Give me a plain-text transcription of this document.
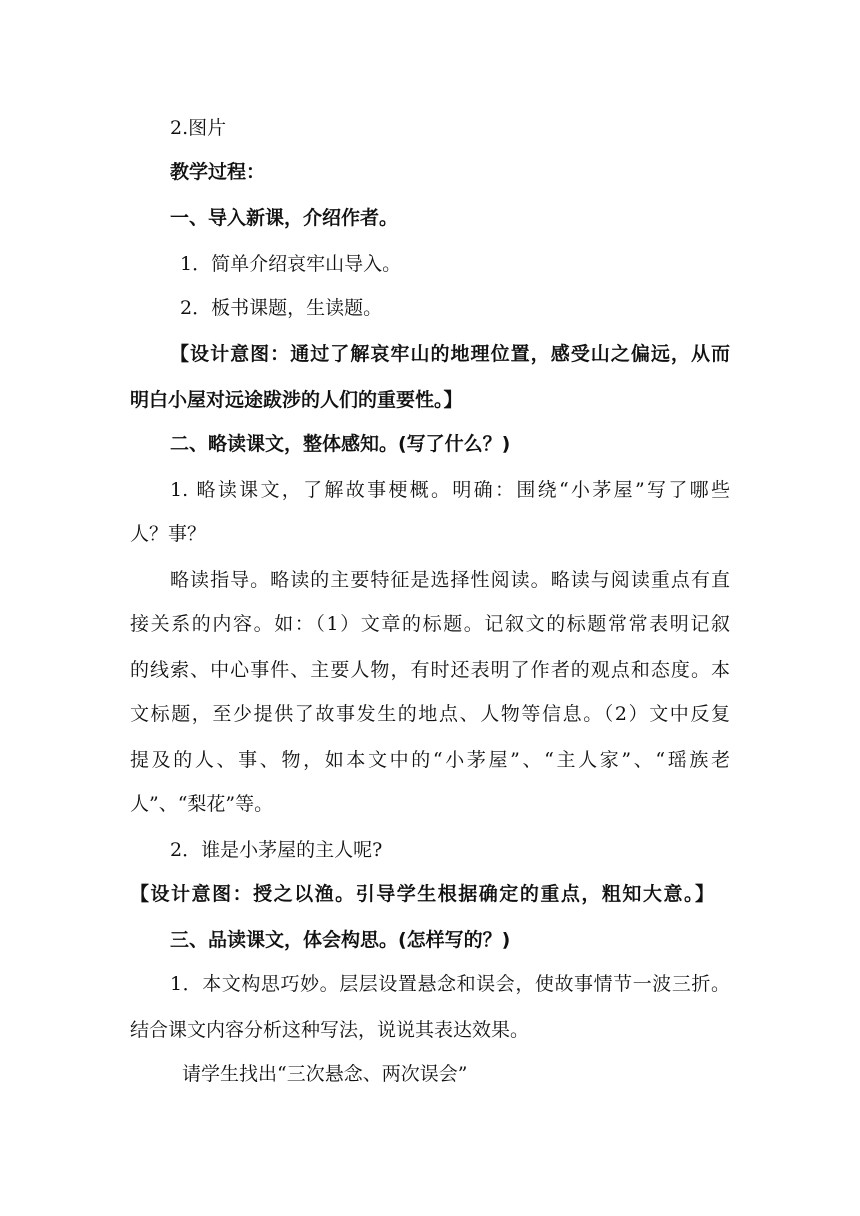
2.图片
教学过程：
一、导入新课，介绍作者。
1．简单介绍哀牢山导入。
2．板书课题，生读题。
【设计意图：通过了解哀牢山的地理位置，感受山之偏远，从而
明白小屋对远途跋涉的人们的重要性。】
二、略读课文，整体感知。(写了什么？)
1. 略读课文，了解故事梗概。明确：围绕“小茅屋”写了哪些
人？事？
略读指导。略读的主要特征是选择性阅读。略读与阅读重点有直
接关系的内容。如：（1）文章的标题。记叙文的标题常常表明记叙
的线索、中心事件、主要人物，有时还表明了作者的观点和态度。本
文标题，至少提供了故事发生的地点、人物等信息。（2）文中反复
提及的人、事、物，如本文中的“小茅屋”、“主人家”、“瑶族老
人”、“梨花”等。
2．谁是小茅屋的主人呢?
【设计意图：授之以渔。引导学生根据确定的重点，粗知大意。】
三、品读课文，体会构思。(怎样写的？)
1．本文构思巧妙。层层设置悬念和误会，使故事情节一波三折。
结合课文内容分析这种写法，说说其表达效果。
请学生找出“三次悬念、两次误会”
